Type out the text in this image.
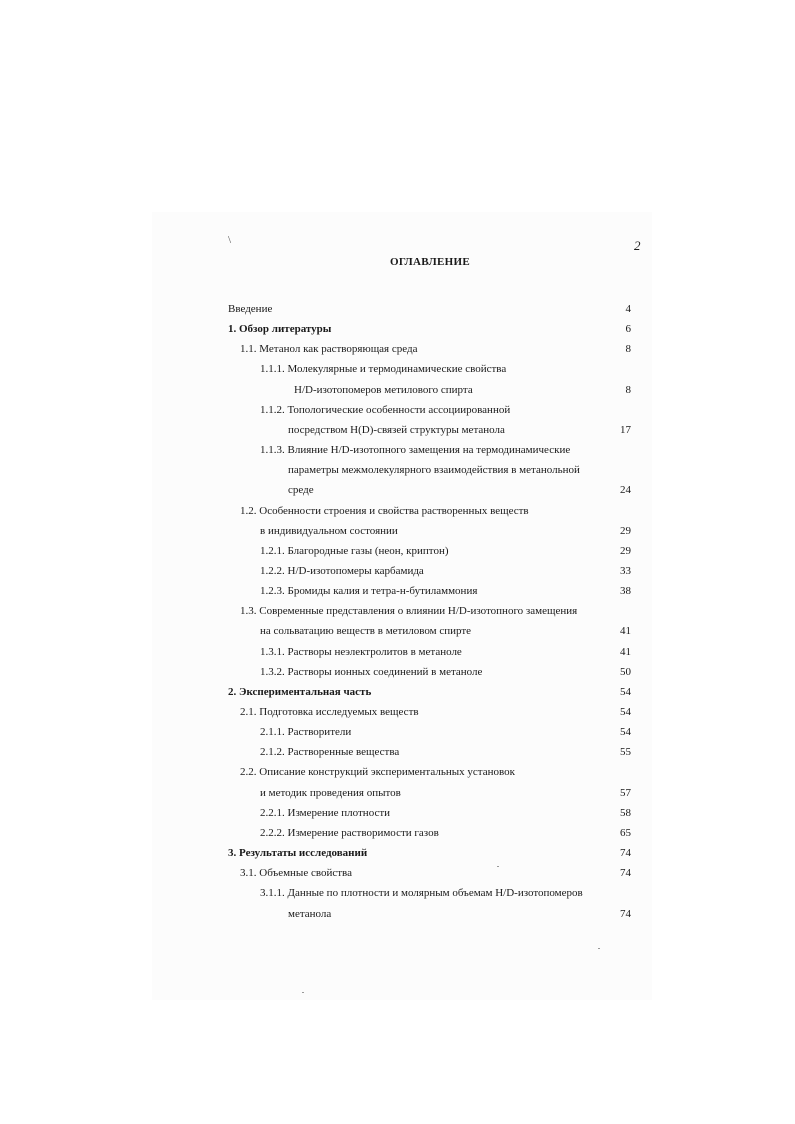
\	2
ОГЛАВЛЕНИЕ
Введение	4
1. Обзор литературы	6
1.1. Метанол как растворяющая среда	8
1.1.1. Молекулярные и термодинамические свойства
H/D-изотопомеров метилового спирта	8
1.1.2. Топологические особенности ассоциированной
посредством H(D)-связей структуры метанола	17
1.1.3. Влияние H/D-изотопного замещения на термодинамические
параметры межмолекулярного взаимодействия в метанольной
среде	24
1.2. Особенности строения и свойства растворенных веществ
в индивидуальном состоянии	29
1.2.1. Благородные газы (неон, криптон)	29
1.2.2. H/D-изотопомеры карбамида	33
1.2.3. Бромиды калия и тетра-н-бутиламмония	38
1.3. Современные представления о влиянии H/D-изотопного замещения
на сольватацию веществ в метиловом спирте	41
1.3.1. Растворы неэлектролитов в метаноле	41
1.3.2. Растворы ионных соединений в метаноле	50
2. Экспериментальная часть	54
2.1. Подготовка исследуемых веществ	54
2.1.1. Растворители	54
2.1.2. Растворенные вещества	55
2.2. Описание конструкций экспериментальных установок
и методик проведения опытов	57
2.2.1. Измерение плотности	58
2.2.2. Измерение растворимости газов	65
3. Результаты исследований	74
3.1. Объемные свойства	74
3.1.1. Данные по плотности и молярным объемам H/D-изотопомеров
метанола	74
